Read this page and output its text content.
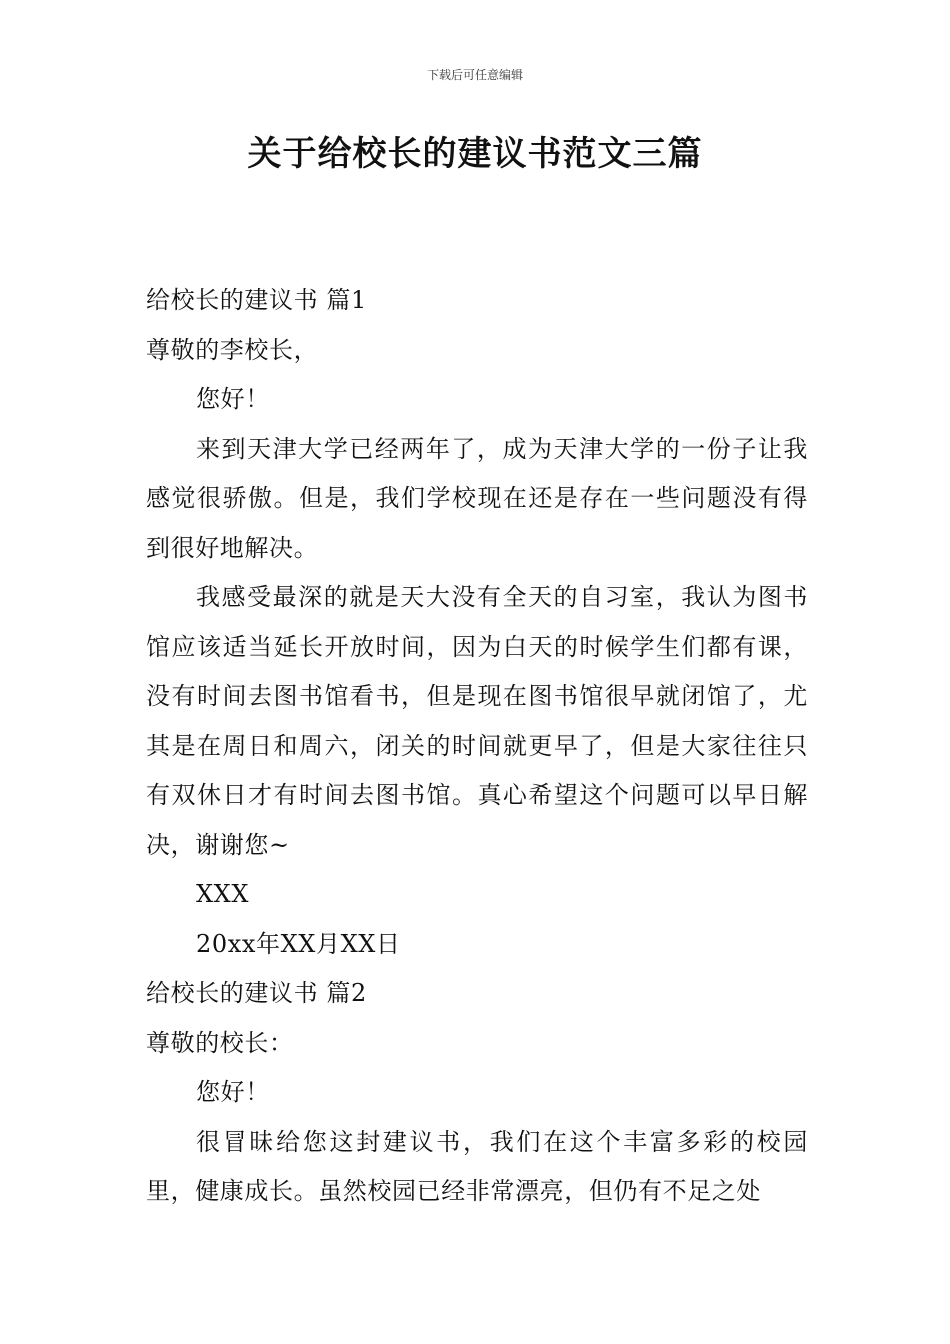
下载后可任意编辑
关于给校长的建议书范文三篇

给校长的建议书 篇1

尊敬的李校长，

您好！

来到天津大学已经两年了，成为天津大学的一份子让我感觉很骄傲。但是，我们学校现在还是存在一些问题没有得到很好地解决。

我感受最深的就是天大没有全天的自习室，我认为图书馆应该适当延长开放时间，因为白天的时候学生们都有课，没有时间去图书馆看书，但是现在图书馆很早就闭馆了，尤其是在周日和周六，闭关的时间就更早了，但是大家往往只有双休日才有时间去图书馆。真心希望这个问题可以早日解决，谢谢您~

XXX

20xx年XX月XX日

给校长的建议书 篇2

尊敬的校长：

您好！

很冒昧给您这封建议书，我们在这个丰富多彩的校园里，健康成长。虽然校园已经非常漂亮，但仍有不足之处
